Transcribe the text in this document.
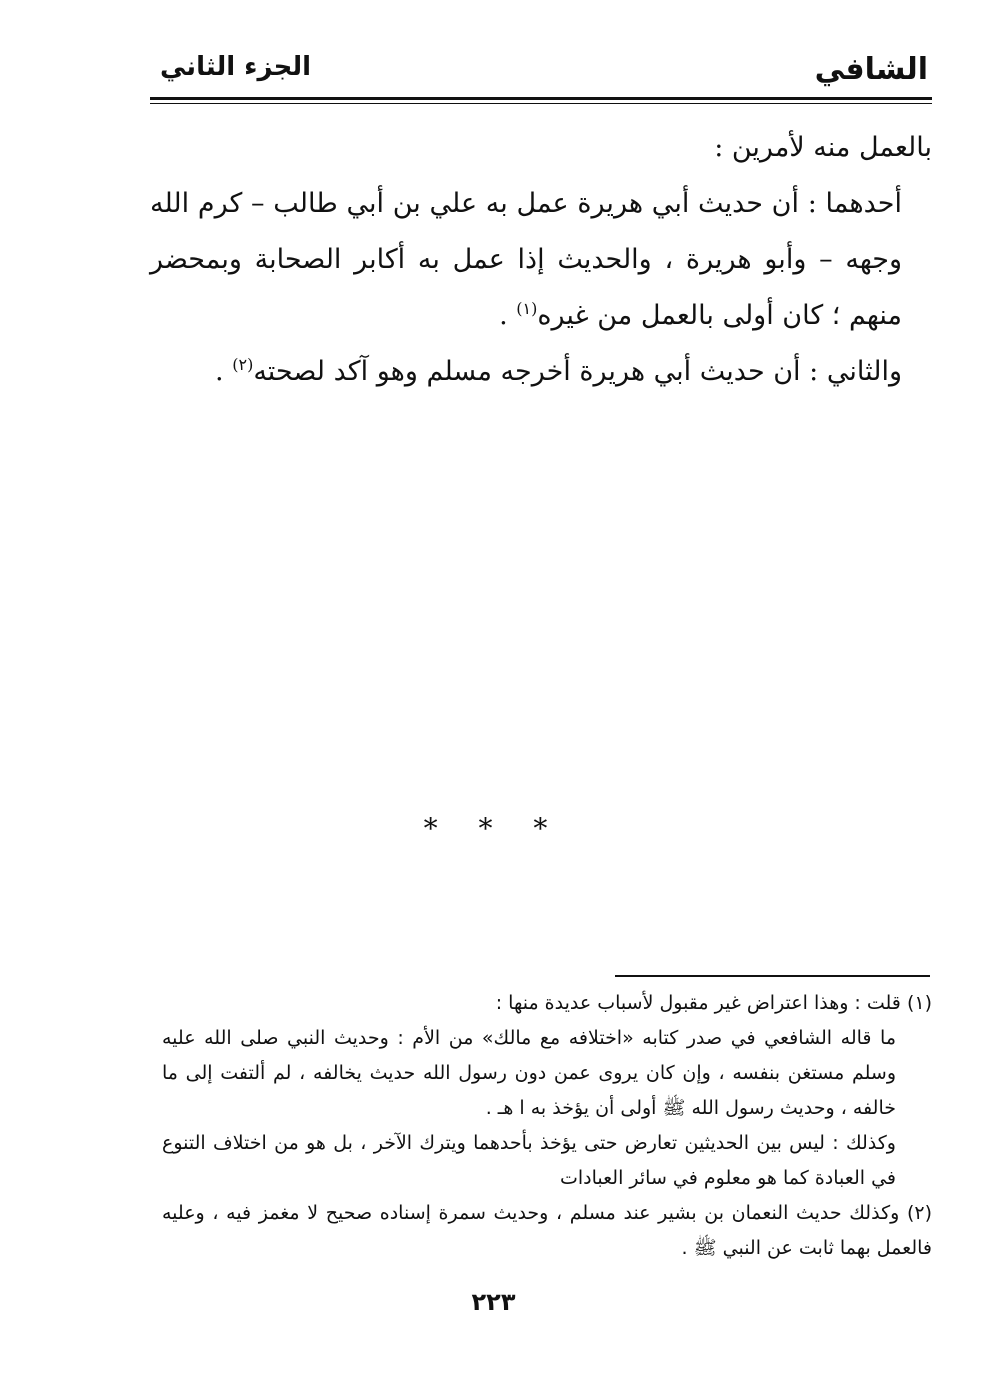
الشافي
الجزء الثاني

بالعمل منه لأمرين :

أحدهما : أن حديث أبي هريرة عمل به علي بن أبي طالب – كرم الله وجهه – وأبو هريرة ، والحديث إذا عمل به أكابر الصحابة وبمحضر منهم ؛ كان أولى بالعمل من غيره$^{(١)}$ .

والثاني : أن حديث أبي هريرة أخرجه مسلم وهو آكد لصحته$^{(٢)}$ .

* * *

(١) قلت : وهذا اعتراض غير مقبول لأسباب عديدة منها :

ما قاله الشافعي في صدر كتابه «اختلافه مع مالك» من الأم : وحديث النبي صلى الله عليه وسلم مستغن بنفسه ، وإن كان يروى عمن دون رسول الله حديث يخالفه ، لم ألتفت إلى ما خالفه ، وحديث رسول الله ﷺ أولى أن يؤخذ به ا هـ .

وكذلك : ليس بين الحديثين تعارض حتى يؤخذ بأحدهما ويترك الآخر ، بل هو من اختلاف التنوع في العبادة كما هو معلوم في سائر العبادات

(٢) وكذلك حديث النعمان بن بشير عند مسلم ، وحديث سمرة إسناده صحيح لا مغمز فيه ، وعليه فالعمل بهما ثابت عن النبي ﷺ .

٢٢٣
